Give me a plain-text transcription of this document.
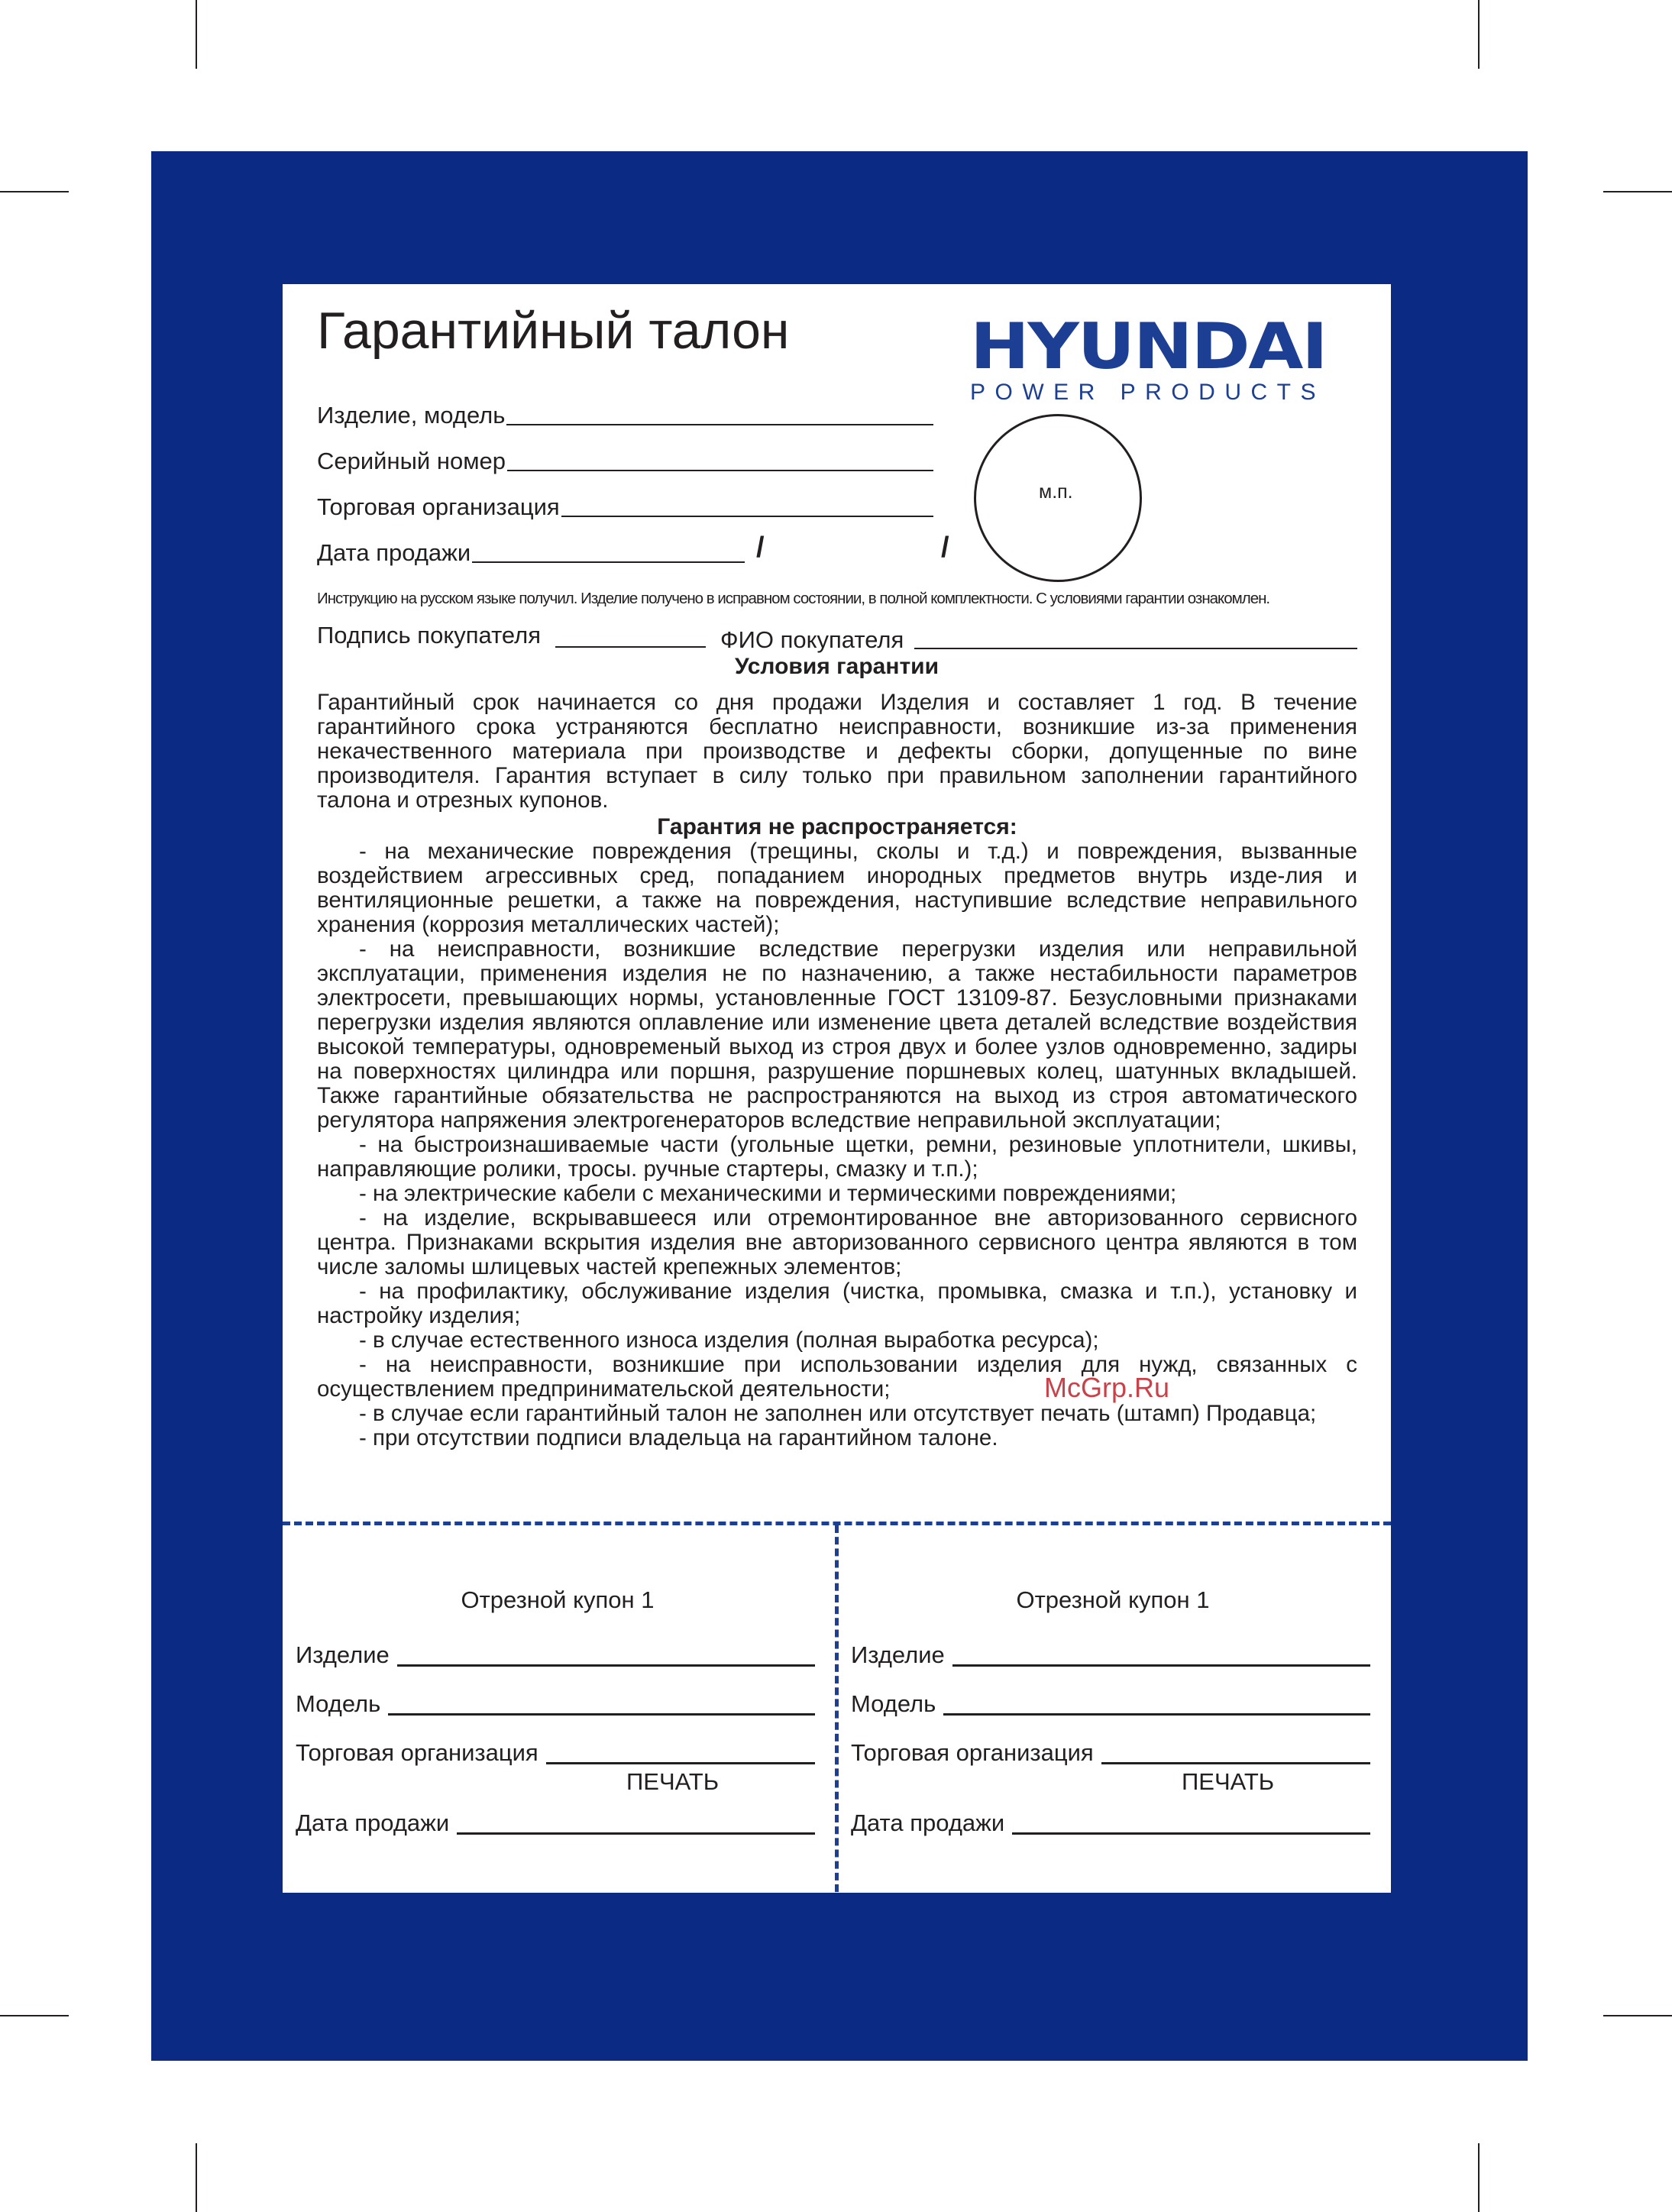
Гарантийный талон	HYUNDAI
POWER PRODUCTS
Изделие, модель
Серийный номер
Торговая организация
Дата продажи	/	/
м.п.
Инструкцию на русском языке получил. Изделие получено в исправном состоянии, в полной комплектности. С условиями гарантии ознакомлен.
Подпись покупателя	ФИО покупателя
Условия гарантии

Гарантийный срок начинается со дня продажи Изделия и составляет 1 год. В течение гарантийного срока устраняются бесплатно неисправности, возникшие из-за применения некачественного материала при производстве и дефекты сборки, допущенные по вине производителя. Гарантия вступает в силу только при правильном заполнении гарантийного талона и отрезных купонов.

Гарантия не распространяется:

- на механические повреждения (трещины, сколы и т.д.) и повреждения, вызванные воздействием агрессивных сред, попаданием инородных предметов внутрь изде-лия и вентиляционные решетки, а также на повреждения, наступившие вследствие неправильного хранения (коррозия металлических частей);

- на неисправности, возникшие вследствие перегрузки изделия или неправильной эксплуатации, применения изделия не по назначению, а также нестабильности параметров электросети, превышающих нормы, установленные ГОСТ 13109-87. Безусловными признаками перегрузки изделия являются оплавление или изменение цвета деталей вследствие воздействия высокой температуры, одновременый выход из строя двух и более узлов одновременно, задиры на поверхностях цилиндра или поршня, разрушение поршневых колец, шатунных вкладышей. Также гарантийные обязательства не распространяются на выход из строя автоматического регулятора напряжения электрогенераторов вследствие неправильной эксплуатации;

- на быстроизнашиваемые части (угольные щетки, ремни, резиновые уплотнители, шкивы, направляющие ролики, тросы. ручные стартеры, смазку и т.п.);

- на электрические кабели с механическими и термическими повреждениями;

- на изделие, вскрывавшееся или отремонтированное вне авторизованного сервисного центра. Признаками вскрытия изделия вне авторизованного сервисного центра являются в том числе заломы шлицевых частей крепежных элементов;

- на профилактику, обслуживание изделия (чистка, промывка, смазка и т.п.), установку и настройку изделия;

- в случае естественного износа изделия (полная выработка ресурса);

- на неисправности, возникшие при использовании изделия для нужд, связанных с осуществлением предпринимательской деятельности;

- в случае если гарантийный талон не заполнен или отсутствует печать (штамп) Продавца;

- при отсутствии подписи владельца на гарантийном талоне.

McGrp.Ru
Отрезной купон 1
Изделие
Модель
Торговая организация
ПЕЧАТЬ
Дата продажи
Отрезной купон 1
Изделие
Модель
Торговая организация
ПЕЧАТЬ
Дата продажи
